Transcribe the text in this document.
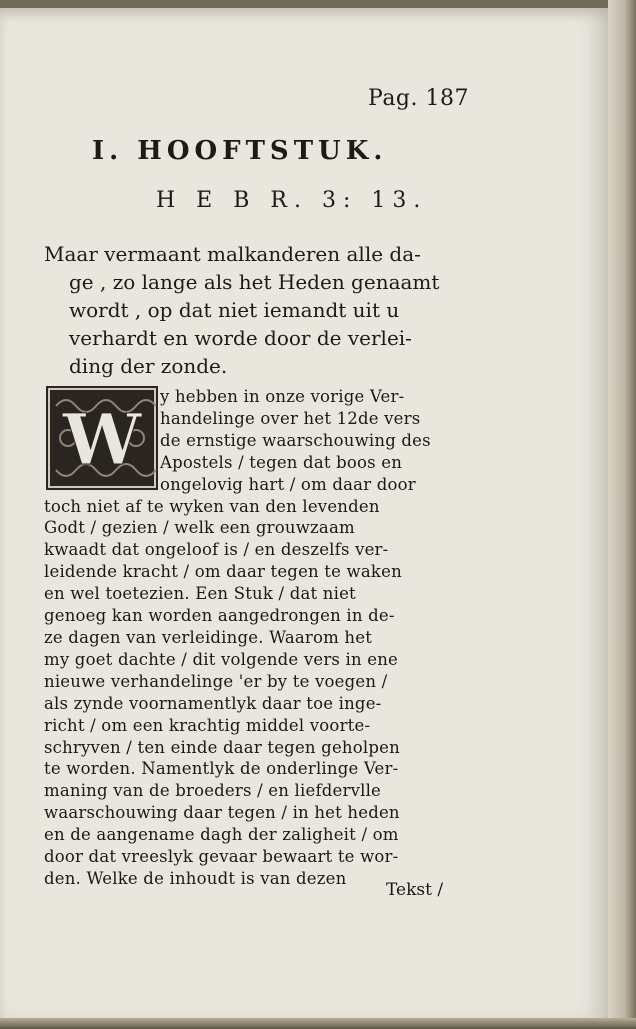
Pag. 187
I. HOOFTSTUK.
H E B R. 3: 13.
Maar vermaant malkanderen alle da-
ge , zo lange als het Heden genaamt
wordt , op dat niet iemandt uit u
verhardt en worde door de verlei-
ding der zonde.
W
y hebben in onze vorige Ver-
handelinge over het 12de vers
de ernstige waarschouwing des
Apostels / tegen dat boos en
ongelovig hart / om daar door
toch niet af te wyken van den levenden
Godt / gezien / welk een grouwzaam
kwaadt dat ongeloof is / en deszelfs ver-
leidende kracht / om daar tegen te waken
en wel toetezien. Een Stuk / dat niet
genoeg kan worden aangedrongen in de-
ze dagen van verleidinge. Waarom het
my goet dachte / dit volgende vers in ene
nieuwe verhandelinge 'er by te voegen /
als zynde voornamentlyk daar toe inge-
richt / om een krachtig middel voorte-
schryven / ten einde daar tegen geholpen
te worden. Namentlyk de onderlinge Ver-
maning van de broeders / en liefdervlle
waarschouwing daar tegen / in het heden
en de aangename dagh der zaligheit / om
door dat vreeslyk gevaar bewaart te wor-
den. Welke de inhoudt is van dezen
Tekst /
